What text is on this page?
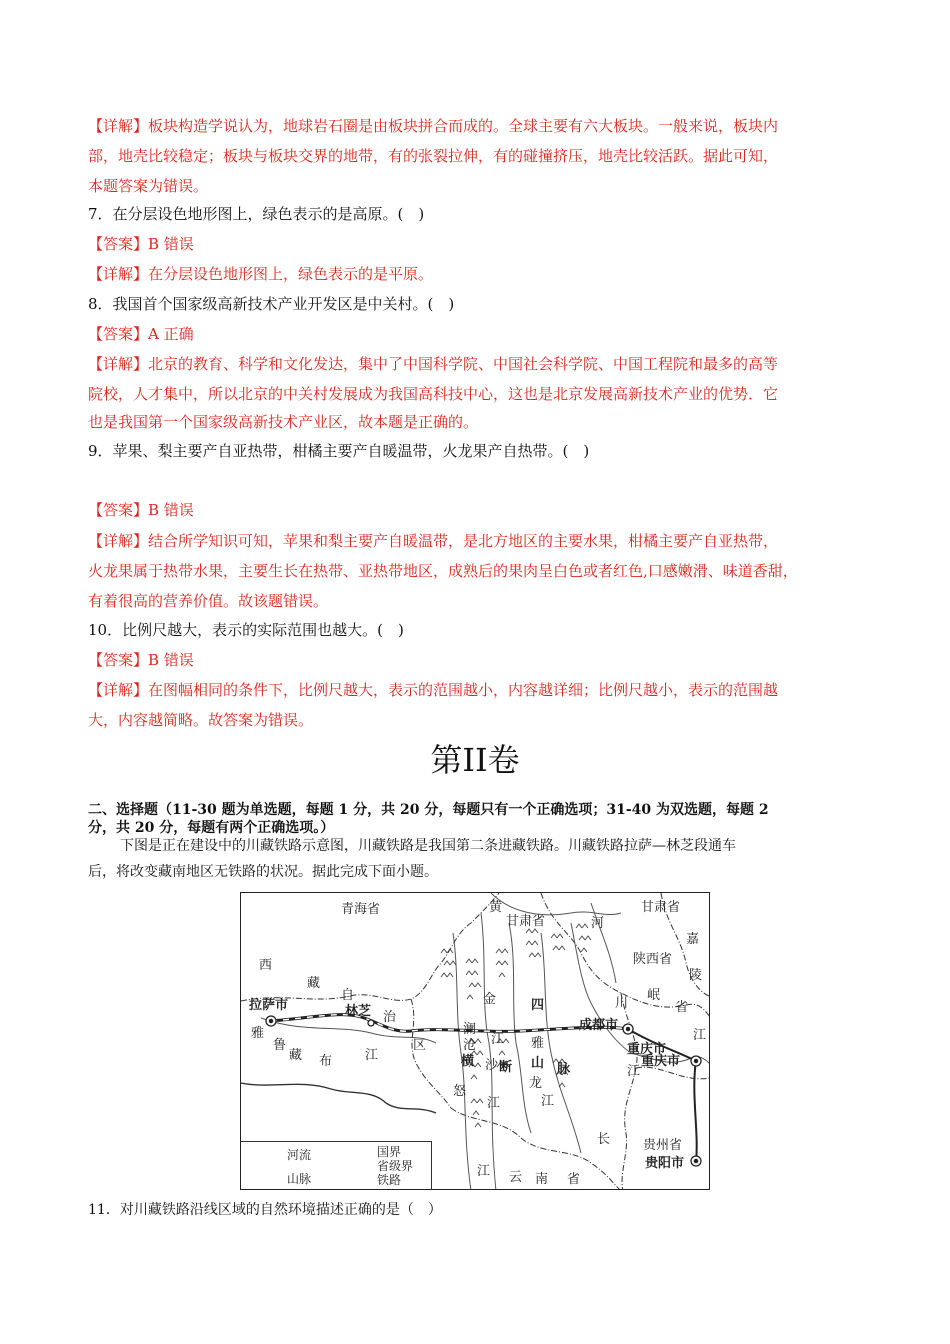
【详解】板块构造学说认为，地球岩石圈是由板块拼合而成的。全球主要有六大板块。一般来说，板块内
部，地壳比较稳定；板块与板块交界的地带，有的张裂拉伸，有的碰撞挤压，地壳比较活跃。据此可知，
本题答案为错误。
7．在分层设色地形图上，绿色表示的是高原。(　)
【答案】B 错误
【详解】在分层设色地形图上，绿色表示的是平原。
8．我国首个国家级高新技术产业开发区是中关村。(　)
【答案】A 正确
【详解】北京的教育、科学和文化发达，集中了中国科学院、中国社会科学院、中国工程院和最多的高等
院校，人才集中，所以北京的中关村发展成为我国高科技中心，这也是北京发展高新技术产业的优势．它
也是我国第一个国家级高新技术产业区，故本题是正确的。
9．苹果、梨主要产自亚热带，柑橘主要产自暖温带，火龙果产自热带。(　)
【答案】B 错误
【详解】结合所学知识可知，苹果和梨主要产自暖温带，是北方地区的主要水果，柑橘主要产自亚热带，
火龙果属于热带水果，主要生长在热带、亚热带地区，成熟后的果肉呈白色或者红色,口感嫩滑、味道香甜，
有着很高的营养价值。故该题错误。
10．比例尺越大，表示的实际范围也越大。(　)
【答案】B 错误
【详解】在图幅相同的条件下，比例尺越大，表示的范围越小，内容越详细；比例尺越小，表示的范围越
大，内容越简略。故答案为错误。
第II卷
二、选择题（11-30 题为单选题，每题 1 分，共 20 分，每题只有一个正确选项；31-40 为双选题，每题 2
分，共 20 分，每题有两个正确选项。）
下图是正在建设中的川藏铁路示意图，川藏铁路是我国第二条进藏铁路。川藏铁路拉萨—林芝段通车
后，将改变藏南地区无铁路的状况。据此完成下面小题。
青海省	黄
甘肃省	河
甘肃省
西
藏
自
治
区
拉萨市	林芝
雅
鲁
藏 布	江
陕西省
嘉
陵
川
岷
省
江
成都市
重庆市
重庆市
江
怒
横 沙 断 山
澜
沧 江
金
江
四
雅
脉
龙
江
贵州省
贵阳市
长
江 云 南 省
河流
山脉
国界
省级界
铁路
11．对川藏铁路沿线区域的自然环境描述正确的是（　）
